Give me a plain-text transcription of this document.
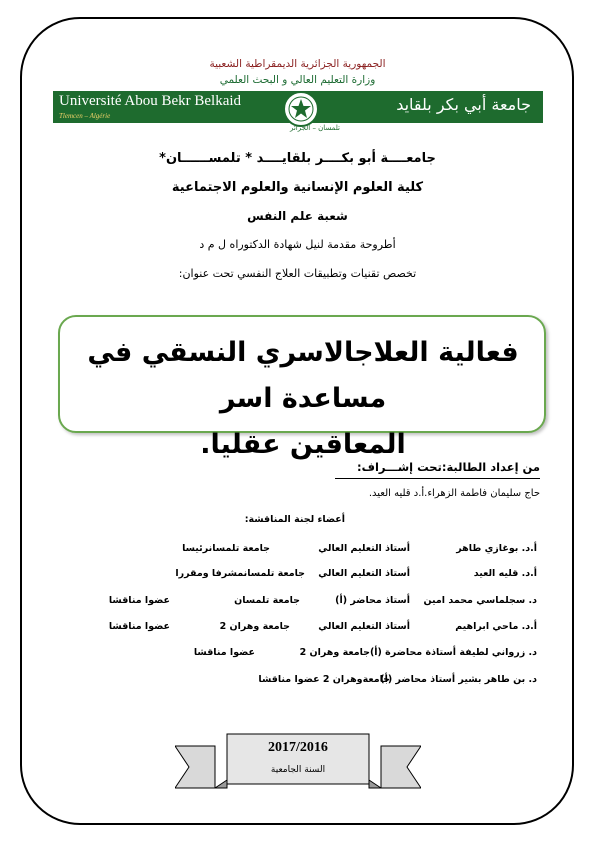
الجمهورية الجزائرية الديمقراطية الشعبية
وزارة التعليم العالي و البحث العلمي
Université Abou Bekr Belkaid
Tlemcen – Algérie
جامعة أبي بكر بلقايد
تلمسان – الجزائر
جامعــــة أبو بكــــر بلقايــــد * تلمســــــان*
كلية العلوم الإنسانية والعلوم الاجتماعية
شعبة علم النفس
أطروحة مقدمة لنيل شهادة الدكتوراه ل م د
تخصص تقنيات وتطبيقات العلاج النفسي تحت عنوان:
فعالية العلاجالاسري النسقي في مساعدة اسر
المعاقين عقليا.
من إعداد الطالبة:تحت إشـــراف:
حاج سليمان فاطمة الزهراء.أ.د قليه العيد.
أعضاء لجنة المناقشة:
أ.د. بوغازي طاهر
أستاذ التعليم العالي
جامعة تلمسانرئيسا
أ.د. قليه العيد
أستاذ التعليم العالي
جامعة تلمسانمشرفا ومقررا
د. سجلماسي محمد امين
أستاذ محاضر (أ)
جامعة تلمسان
عضوا مناقشا
أ.د. ماحي ابراهيم
أستاذ التعليم العالي
جامعة وهران 2
عضوا مناقشا
د. زرواني لطيفة أستاذة محاضرة (أ)
جامعة وهران 2
عضوا مناقشا
د. بن طاهر بشير أستاذ محاضر (أ)
جامعةوهران 2 عضوا مناقشا
2017/2016
السنة الجامعية
